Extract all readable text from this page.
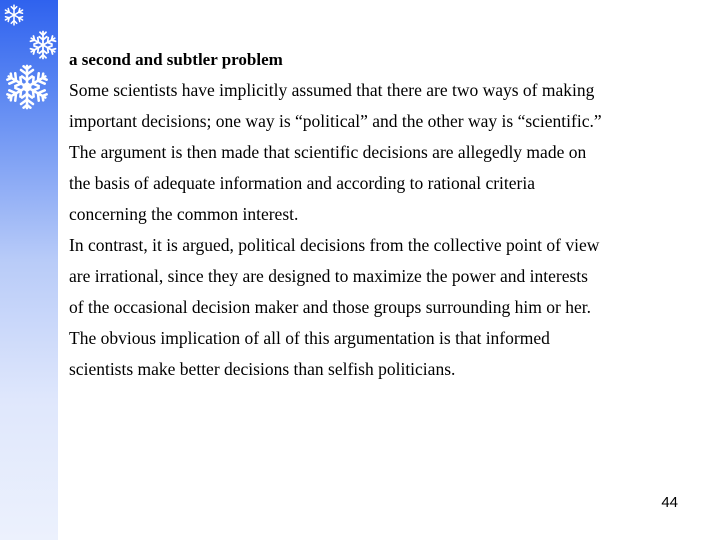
a second and subtler problem
Some scientists have implicitly assumed that there are two ways of making
important decisions; one way is “political” and the other way is “scientific.”
The argument is then made that scientific decisions are allegedly made on
the basis of adequate information and according to rational criteria
concerning the common interest.
In contrast, it is argued, political decisions from the collective point of view
are irrational, since they are designed to maximize the power and interests
of the occasional decision maker and those groups surrounding him or her.
The obvious implication of all of this argumentation is that informed
scientists make better decisions than selfish politicians.
44
